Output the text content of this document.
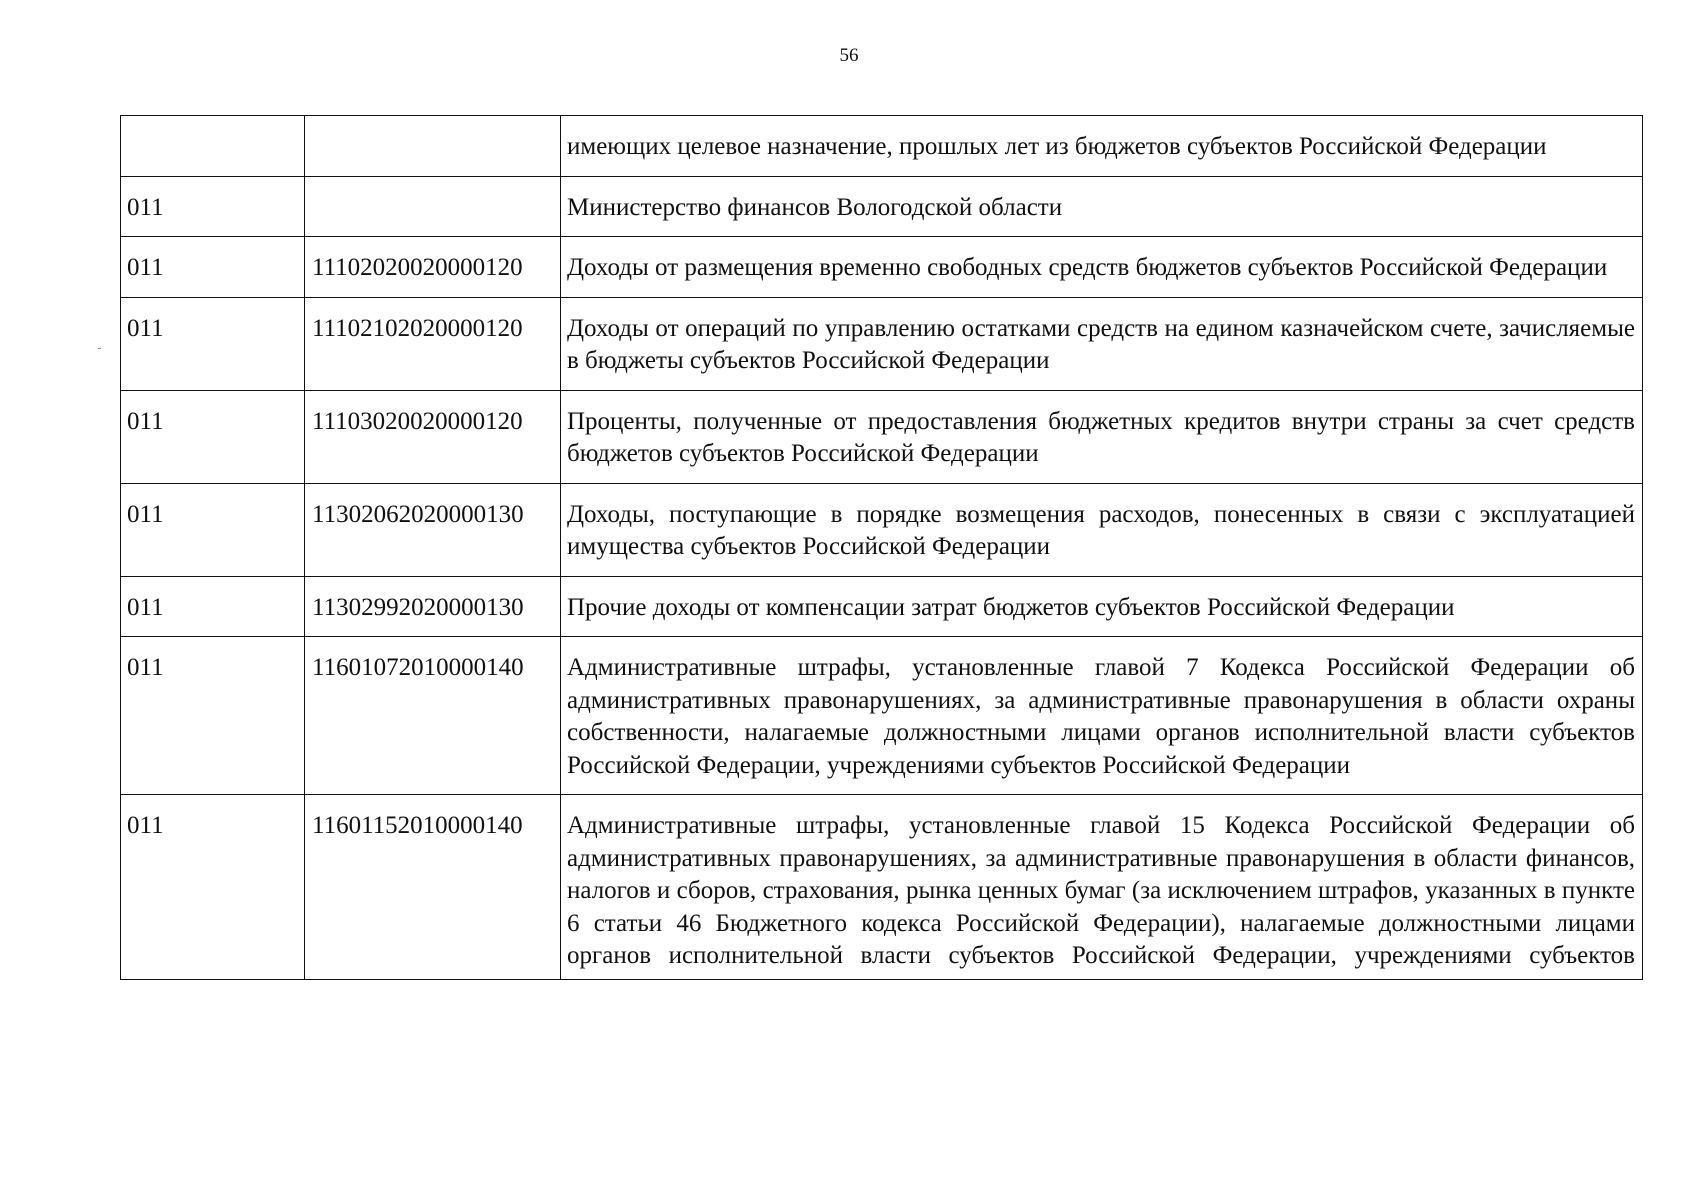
56
		имеющих целевое назначение, прошлых лет из бюджетов субъектов Российской Федерации
011		Министерство финансов Вологодской области
011	11102020020000120	Доходы от размещения временно свободных средств бюджетов субъектов Российской Федерации
011	11102102020000120	Доходы от операций по управлению остатками средств на едином казначейском счете, зачисляемые в бюджеты субъектов Российской Федерации
011	11103020020000120	Проценты, полученные от предоставления бюджетных кредитов внутри страны за счет средств бюджетов субъектов Российской Федерации
011	11302062020000130	Доходы, поступающие в порядке возмещения расходов, понесенных в связи с эксплуатацией имущества субъектов Российской Федерации
011	11302992020000130	Прочие доходы от компенсации затрат бюджетов субъектов Российской Федерации
011	11601072010000140	Административные штрафы, установленные главой 7 Кодекса Российской Федерации об административных правонарушениях, за административные правонарушения в области охраны собственности, налагаемые должностными лицами органов исполнительной власти субъектов Российской Федерации, учреждениями субъектов Российской Федерации
011	11601152010000140	Административные штрафы, установленные главой 15 Кодекса Российской Федерации об административных правонарушениях, за административные правонарушения в области финансов, налогов и сборов, страхования, рынка ценных бумаг (за исключением штрафов, указанных в пункте 6 статьи 46 Бюджетного кодекса Российской Федерации), налагаемые должностными лицами органов исполнительной власти субъектов Российской Федерации, учреждениями субъектов
